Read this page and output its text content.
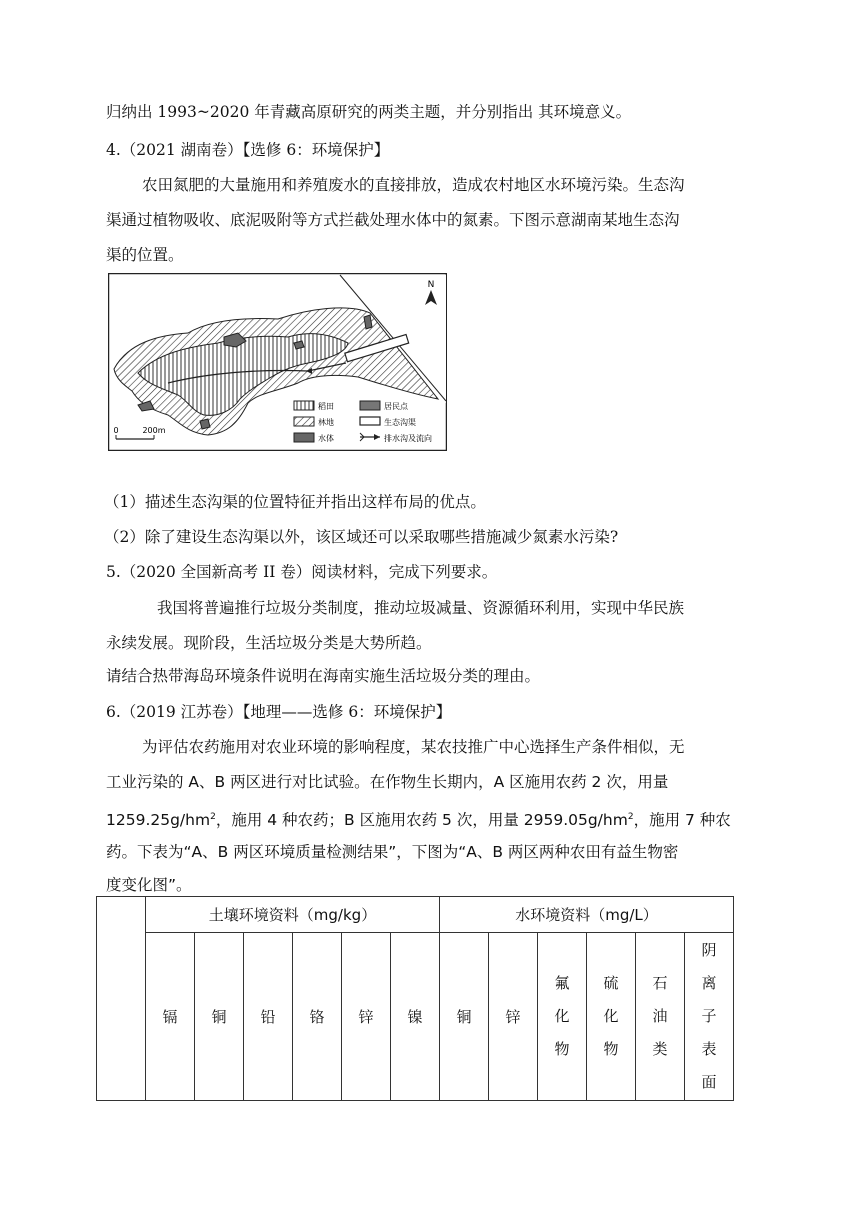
归纳出 1993~2020 年青藏高原研究的两类主题，并分别指出 其环境意义。
4.（2021 湖南卷）【选修 6：环境保护】
农田氮肥的大量施用和养殖废水的直接排放，造成农村地区水环境污染。生态沟
渠通过植物吸收、底泥吸附等方式拦截处理水体中的氮素。下图示意湖南某地生态沟
渠的位置。
N
0	200m
稻田
林地
水体
居民点
生态沟渠
排水沟及流向
（1）描述生态沟渠的位置特征并指出这样布局的优点。
（2）除了建设生态沟渠以外，该区域还可以采取哪些措施减少氮素水污染?
5.（2020 全国新高考 II 卷）阅读材料，完成下列要求。
我国将普遍推行垃圾分类制度，推动垃圾减量、资源循环利用，实现中华民族
永续发展。现阶段，生活垃圾分类是大势所趋。
请结合热带海岛环境条件说明在海南实施生活垃圾分类的理由。
6.（2019 江苏卷）【地理——选修 6：环境保护】
为评估农药施用对农业环境的影响程度，某农技推广中心选择生产条件相似，无
工业污染的 A、B 两区进行对比试验。在作物生长期内，A 区施用农药 2 次，用量
$1259.25g/hm^2$，施用 4 种农药；B 区施用农药 5 次，用量 $2959.05g/hm^2$，施用 7 种农
药。下表为“A、B 两区环境质量检测结果”，下图为“A、B 两区两种农田有益生物密
度变化图”。
	土壤环境资料（mg/kg）						水环境资料（mg/L）					
	镉	铜	铅	铬	锌	镍	铜	锌	氟化物	硫化物	石油类	阴离子表面
